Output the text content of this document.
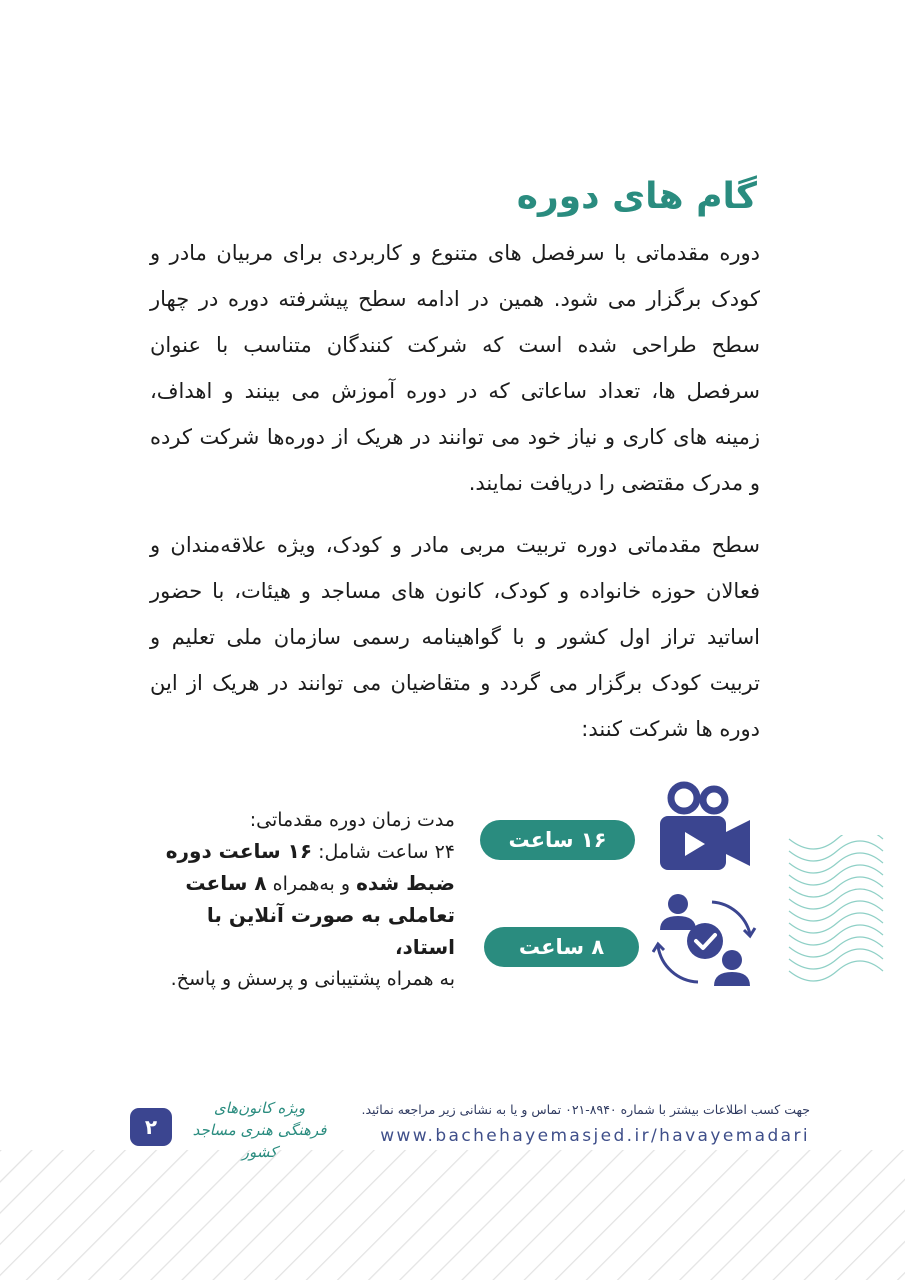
گام های دوره

دوره مقدماتی با سرفصل های متنوع و کاربردی برای مربیان مادر و کودک برگزار می شود. همین در ادامه سطح پیشرفته دوره در چهار سطح طراحی شده است که شرکت کنندگان متناسب با عنوان سرفصل ها، تعداد ساعاتی که در دوره آموزش می بینند و اهداف، زمینه های کاری و نیاز خود می توانند در هریک از دوره‌ها شرکت کرده و مدرک مقتضی را دریافت نمایند.

سطح مقدماتی دوره تربیت مربی مادر و کودک، ویژه علاقه‌مندان و فعالان حوزه خانواده و کودک، کانون های مساجد و هیئات، با حضور اساتید تراز اول کشور و با گواهینامه رسمی سازمان ملی تعلیم و تربیت کودک برگزار می گردد و متقاضیان می توانند در هریک از این دوره ها شرکت کنند:

۱۶ ساعت
۸ ساعت
مدت زمان دوره مقدماتی:
۲۴ ساعت شامل: ۱۶ ساعت دوره ضبط شده و به‌همراه ۸ ساعت تعاملی به صورت آنلاین با استاد،
به همراه پشتیبانی و پرسش و پاسخ.
جهت کسب اطلاعات بیشتر با شماره ۸۹۴۰-۰۲۱ تماس و یا به نشانی زیر مراجعه نمائید.
www.bachehayemasjed.ir/havayemadari
ویژه کانون‌های
فرهنگی هنری مساجد
۲
